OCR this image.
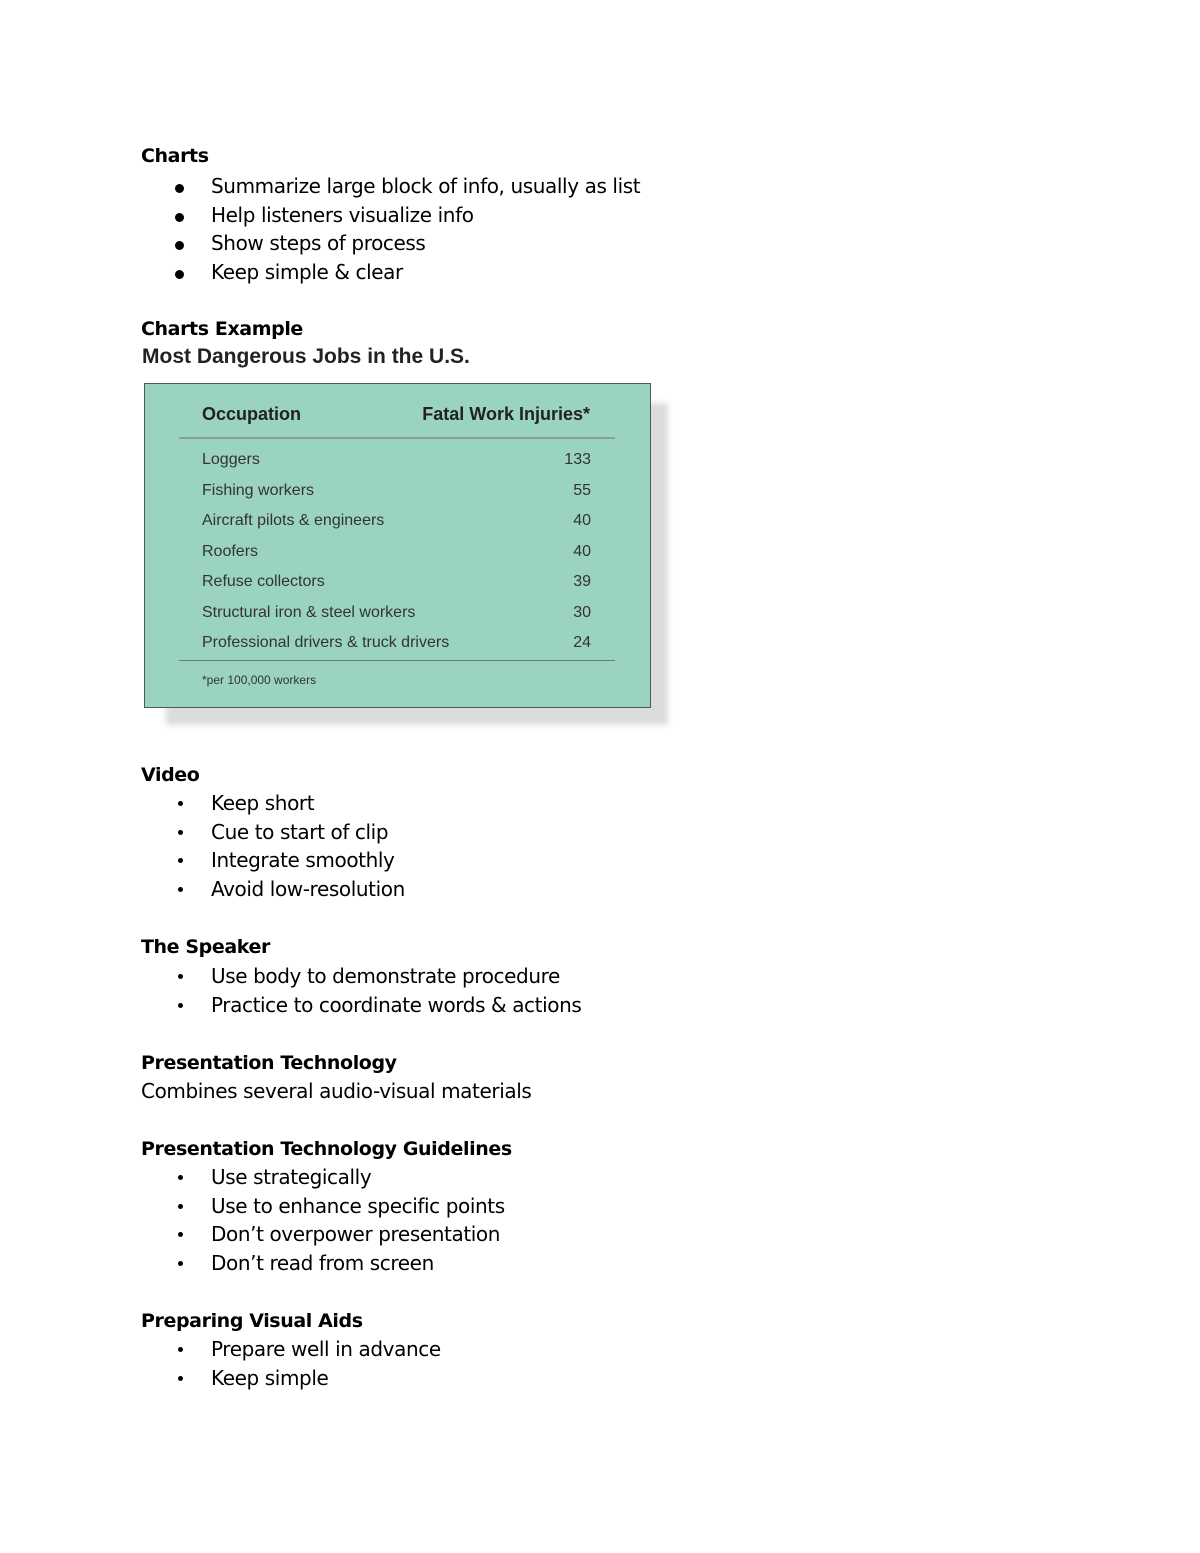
Charts

Summarize large block of info, usually as list
Help listeners visualize info
Show steps of process
Keep simple & clear

Charts Example

Most Dangerous Jobs in the U.S.

Occupation	Fatal Work Injuries*
Loggers	133
Fishing workers	55
Aircraft pilots & engineers	40
Roofers	40
Refuse collectors	39
Structural iron & steel workers	30
Professional drivers & truck drivers	24
*per 100,000 workers

Video

Keep short
Cue to start of clip
Integrate smoothly
Avoid low-resolution

The Speaker

Use body to demonstrate procedure
Practice to coordinate words & actions

Presentation Technology

Combines several audio-visual materials

Presentation Technology Guidelines

Use strategically
Use to enhance specific points
Don’t overpower presentation
Don’t read from screen

Preparing Visual Aids

Prepare well in advance
Keep simple
